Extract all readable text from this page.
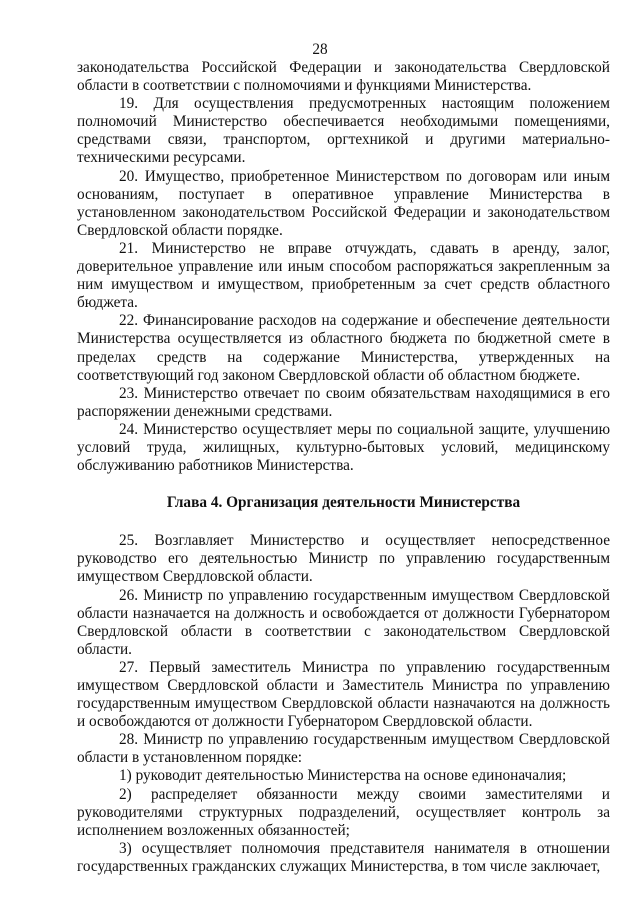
28

законодательства Российской Федерации и законодательства Свердловской области в соответствии с полномочиями и функциями Министерства.

19. Для осуществления предусмотренных настоящим положением полномочий Министерство обеспечивается необходимыми помещениями, средствами связи, транспортом, оргтехникой и другими материально-техническими ресурсами.

20. Имущество, приобретенное Министерством по договорам или иным основаниям, поступает в оперативное управление Министерства в установленном законодательством Российской Федерации и законодательством Свердловской области порядке.

21. Министерство не вправе отчуждать, сдавать в аренду, залог, доверительное управление или иным способом распоряжаться закрепленным за ним имуществом и имуществом, приобретенным за счет средств областного бюджета.

22. Финансирование расходов на содержание и обеспечение деятельности Министерства осуществляется из областного бюджета по бюджетной смете в пределах средств на содержание Министерства, утвержденных на соответствующий год законом Свердловской области об областном бюджете.

23. Министерство отвечает по своим обязательствам находящимися в его распоряжении денежными средствами.

24. Министерство осуществляет меры по социальной защите, улучшению условий труда, жилищных, культурно-бытовых условий, медицинскому обслуживанию работников Министерства.

Глава 4. Организация деятельности Министерства

25. Возглавляет Министерство и осуществляет непосредственное руководство его деятельностью Министр по управлению государственным имуществом Свердловской области.

26. Министр по управлению государственным имуществом Свердловской области назначается на должность и освобождается от должности Губернатором Свердловской области в соответствии с законодательством Свердловской области.

27. Первый заместитель Министра по управлению государственным имуществом Свердловской области и Заместитель Министра по управлению государственным имуществом Свердловской области назначаются на должность и освобождаются от должности Губернатором Свердловской области.

28. Министр по управлению государственным имуществом Свердловской области в установленном порядке:

1) руководит деятельностью Министерства на основе единоначалия;

2) распределяет обязанности между своими заместителями и руководителями структурных подразделений, осуществляет контроль за исполнением возложенных обязанностей;

3) осуществляет полномочия представителя нанимателя в отношении государственных гражданских служащих Министерства, в том числе заключает,
